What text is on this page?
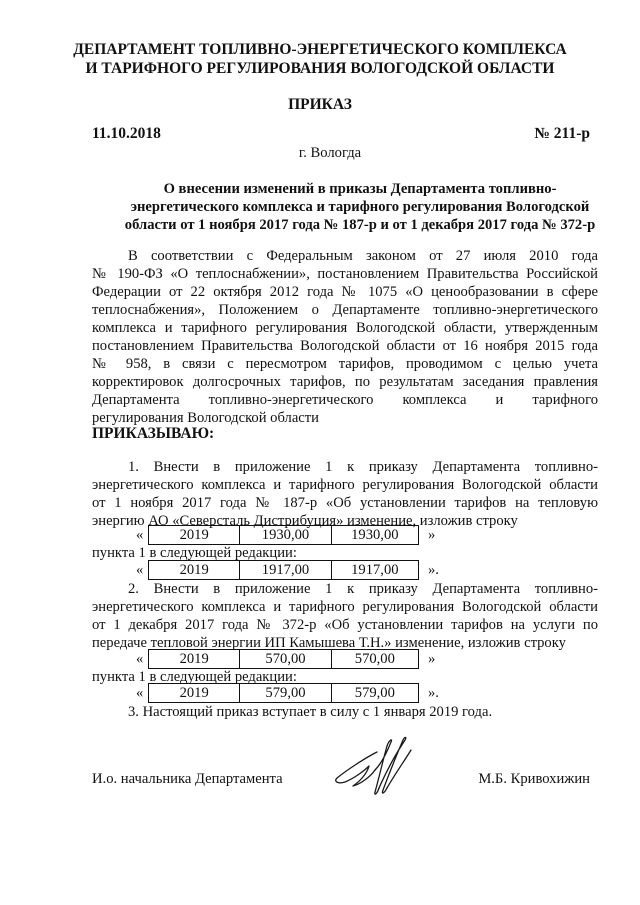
ДЕПАРТАМЕНТ ТОПЛИВНО-ЭНЕРГЕТИЧЕСКОГО КОМПЛЕКСА
И ТАРИФНОГО РЕГУЛИРОВАНИЯ ВОЛОГОДСКОЙ ОБЛАСТИ
ПРИКАЗ
11.10.2018	№ 211-р
г. Вологда
О внесении изменений в приказы Департамента топливно-
энергетического комплекса и тарифного регулирования Вологодской
области от 1 ноября 2017 года № 187-р и от 1 декабря 2017 года № 372-р
В соответствии с Федеральным законом от 27 июля 2010 года
№ 190-ФЗ «О теплоснабжении», постановлением Правительства Российской
Федерации от 22 октября 2012 года № 1075 «О ценообразовании в сфере
теплоснабжения», Положением о Департаменте топливно-энергетического
комплекса и тарифного регулирования Вологодской области, утвержденным
постановлением Правительства Вологодской области от 16 ноября 2015 года
№ 958, в связи с пересмотром тарифов, проводимом с целью учета
корректировок долгосрочных тарифов, по результатам заседания правления
Департамента топливно-энергетического комплекса и тарифного
регулирования Вологодской области
ПРИКАЗЫВАЮ:
1. Внести в приложение 1 к приказу Департамента топливно-
энергетического комплекса и тарифного регулирования Вологодской области
от 1 ноября 2017 года № 187-р «Об установлении тарифов на тепловую
энергию АО «Северсталь Дистрибуция» изменение, изложив строку
«	2019	1930,00	1930,00	»
пункта 1 в следующей редакции:
«	2019	1917,00	1917,00	».
2. Внести в приложение 1 к приказу Департамента топливно-
энергетического комплекса и тарифного регулирования Вологодской области
от 1 декабря 2017 года № 372-р «Об установлении тарифов на услуги по
передаче тепловой энергии ИП Камышева Т.Н.» изменение, изложив строку
«	2019	570,00	570,00	»
пункта 1 в следующей редакции:
«	2019	579,00	579,00	».
3. Настоящий приказ вступает в силу с 1 января 2019 года.
И.о. начальника Департамента	М.Б. Кривохижин
